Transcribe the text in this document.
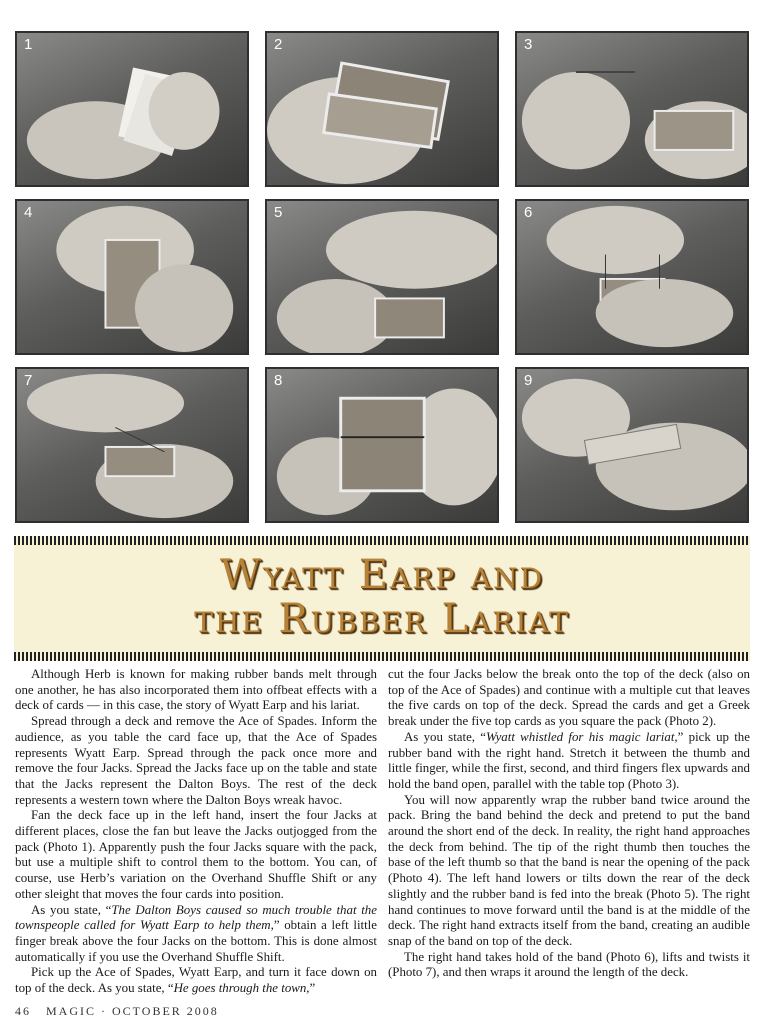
1	2	3
4	5	6
7	8	9
Wyatt Earp and
the Rubber Lariat

Although Herb is known for making rubber bands melt through one another, he has also incorporated them into offbeat effects with a deck of cards — in this case, the story of Wyatt Earp and his lariat.

Spread through a deck and remove the Ace of Spades. Inform the audience, as you table the card face up, that the Ace of Spades represents Wyatt Earp. Spread through the pack once more and remove the four Jacks. Spread the Jacks face up on the table and state that the Jacks represent the Dalton Boys. The rest of the deck represents a western town where the Dalton Boys wreak havoc.

Fan the deck face up in the left hand, insert the four Jacks at different places, close the fan but leave the Jacks outjogged from the pack (Photo 1). Apparently push the four Jacks square with the pack, but use a multiple shift to control them to the bottom. You can, of course, use Herb’s variation on the Overhand Shuffle Shift or any other sleight that moves the four cards into position.

As you state, “The Dalton Boys caused so much trouble that the townspeople called for Wyatt Earp to help them,” obtain a left little finger break above the four Jacks on the bottom. This is done almost automatically if you use the Overhand Shuffle Shift.

Pick up the Ace of Spades, Wyatt Earp, and turn it face down on top of the deck. As you state, “He goes through the town,”

cut the four Jacks below the break onto the top of the deck (also on top of the Ace of Spades) and continue with a multiple cut that leaves the five cards on top of the deck. Spread the cards and get a Greek break under the five top cards as you square the pack (Photo 2).

As you state, “Wyatt whistled for his magic lariat,” pick up the rubber band with the right hand. Stretch it between the thumb and little finger, while the first, second, and third fingers flex upwards and hold the band open, parallel with the table top (Photo 3).

You will now apparently wrap the rubber band twice around the pack. Bring the band behind the deck and pretend to put the band around the short end of the deck. In reality, the right hand approaches the deck from behind. The tip of the right thumb then touches the base of the left thumb so that the band is near the opening of the pack (Photo 4). The left hand lowers or tilts down the rear of the deck slightly and the rubber band is fed into the break (Photo 5). The right hand continues to move forward until the band is at the middle of the deck. The right hand extracts itself from the band, creating an audible snap of the band on top of the deck.

The right hand takes hold of the band (Photo 6), lifts and twists it (Photo 7), and then wraps it around the length of the deck.

46 MAGIC · OCTOBER 2008
